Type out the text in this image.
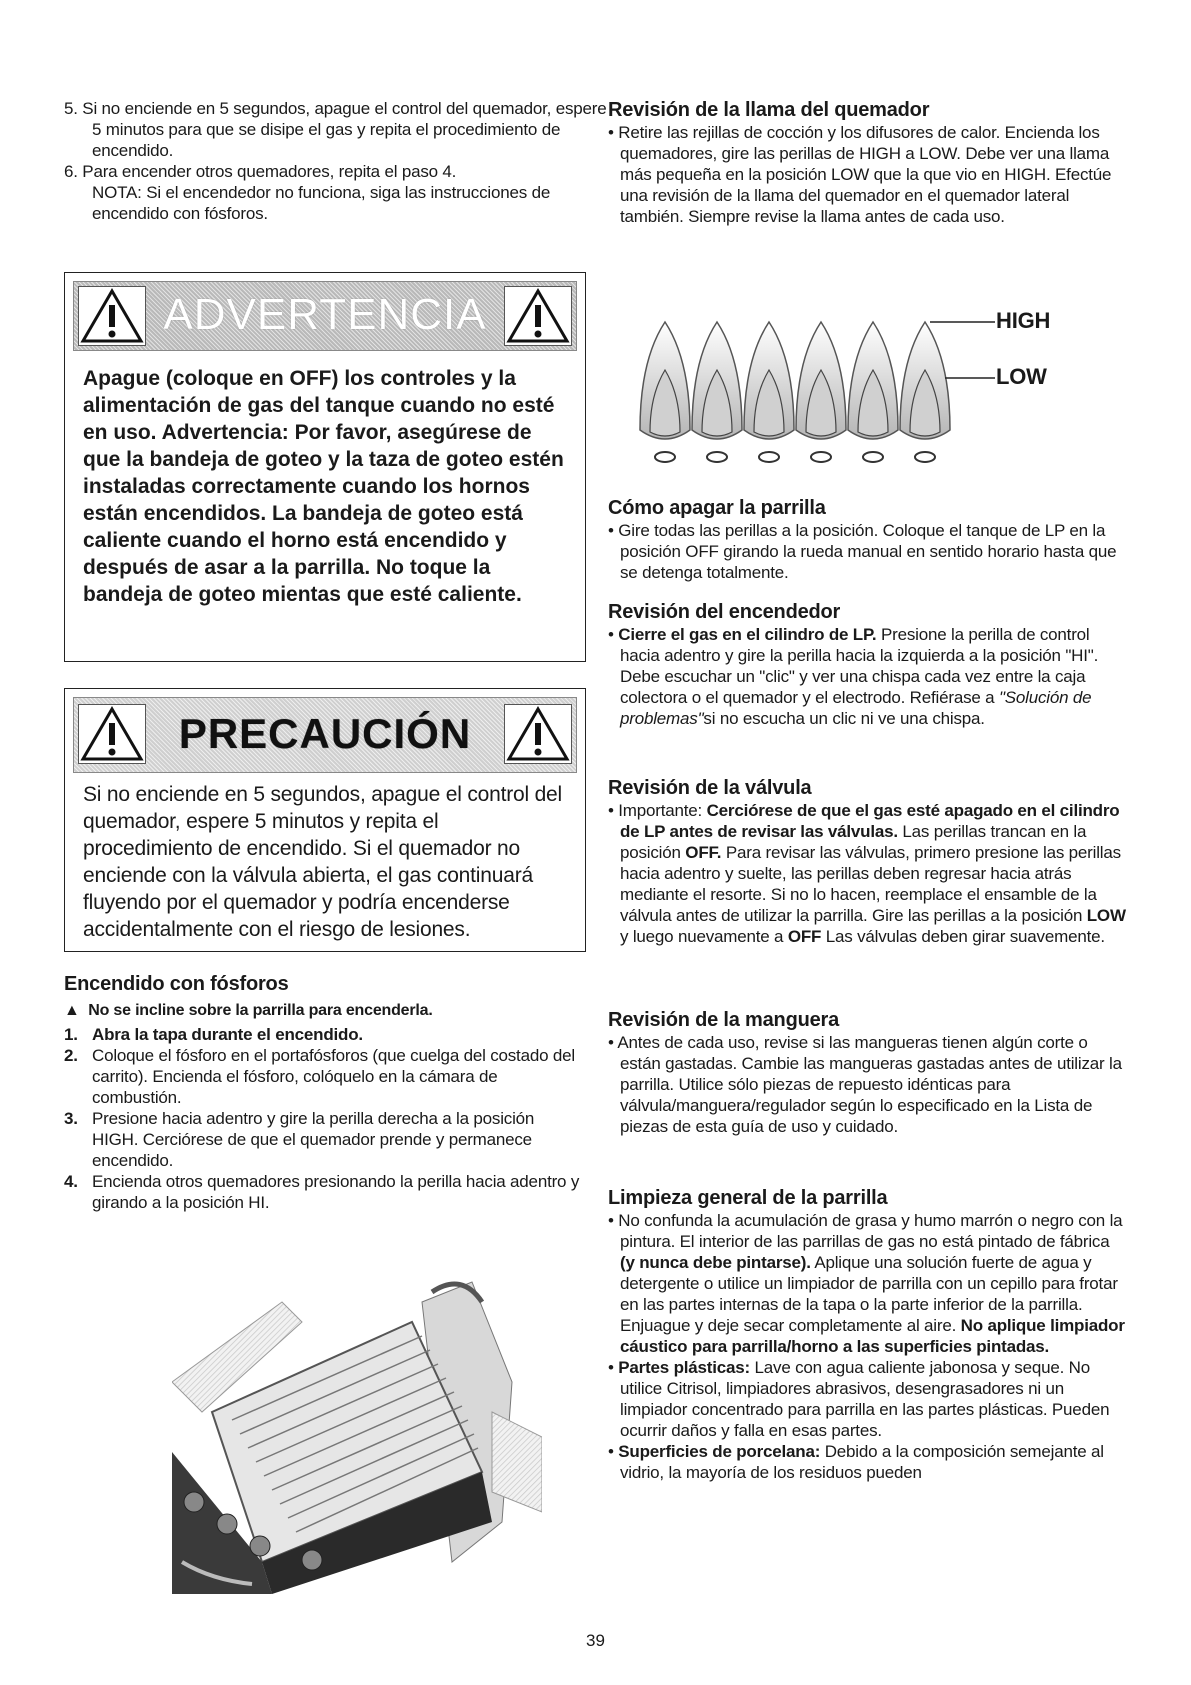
5. Si no enciende en 5 segundos, apague el control del quemador, espere 5 minutos para que se disipe el gas y repita el procedimiento de encendido.

6. Para encender otros quemadores, repita el paso 4.

NOTA: Si el encendedor no funciona, siga las instrucciones de encendido con fósforos.

ADVERTENCIA

Apague (coloque en OFF) los controles y la alimentación de gas del tanque cuando no esté en uso. Advertencia: Por favor, asegúrese de que la bandeja de goteo y la taza de goteo estén instaladas correctamente cuando los hornos están encendidos. La bandeja de goteo está caliente cuando el horno está encendido y después de asar a la parrilla. No toque la bandeja de goteo mientas que esté caliente.

PRECAUCIÓN

Si no enciende en 5 segundos, apague el control del quemador, espere 5 minutos y repita el procedimiento de encendido. Si el quemador no enciende con la válvula abierta, el gas continuará fluyendo por el quemador y podría encenderse accidentalmente con el riesgo de lesiones.

Encendido con fósforos

▲ No se incline sobre la parrilla para encenderla.

1. Abra la tapa durante el encendido.

2. Coloque el fósforo en el portafósforos (que cuelga del costado del carrito). Encienda el fósforo, colóquelo en la cámara de combustión.

3. Presione hacia adentro y gire la perilla derecha a la posición HIGH. Cerciórese de que el quemador prende y permanece encendido.

4. Encienda otros quemadores presionando la perilla hacia adentro y girando a la posición HI.

Revisión de la llama del quemador

• Retire las rejillas de cocción y los difusores de calor. Encienda los quemadores, gire las perillas de HIGH a LOW. Debe ver una llama más pequeña en la posición LOW que la que vio en HIGH. Efectúe una revisión de la llama del quemador en el quemador lateral también. Siempre revise la llama antes de cada uso.

HIGH
LOW

Cómo apagar la parrilla

• Gire todas las perillas a la posición. Coloque el tanque de LP en la posición OFF girando la rueda manual en sentido horario hasta que se detenga totalmente.

Revisión del encendedor

• Cierre el gas en el cilindro de LP. Presione la perilla de control hacia adentro y gire la perilla hacia la izquierda a la posición "HI". Debe escuchar un "clic" y ver una chispa cada vez entre la caja colectora o el quemador y el electrodo. Refiérase a "Solución de problemas"si no escucha un clic ni ve una chispa.

Revisión de la válvula

• Importante: Cerciórese de que el gas esté apagado en el cilindro de LP antes de revisar las válvulas. Las perillas trancan en la posición OFF. Para revisar las válvulas, primero presione las perillas hacia adentro y suelte, las perillas deben regresar hacia atrás mediante el resorte. Si no lo hacen, reemplace el ensamble de la válvula antes de utilizar la parrilla. Gire las perillas a la posición LOW y luego nuevamente a OFF Las válvulas deben girar suavemente.

Revisión de la manguera

• Antes de cada uso, revise si las mangueras tienen algún corte o están gastadas. Cambie las mangueras gastadas antes de utilizar la parrilla. Utilice sólo piezas de repuesto idénticas para válvula/manguera/regulador según lo especificado en la Lista de piezas de esta guía de uso y cuidado.

Limpieza general de la parrilla

• No confunda la acumulación de grasa y humo marrón o negro con la pintura. El interior de las parrillas de gas no está pintado de fábrica (y nunca debe pintarse). Aplique una solución fuerte de agua y detergente o utilice un limpiador de parrilla con un cepillo para frotar en las partes internas de la tapa o la parte inferior de la parrilla. Enjuague y deje secar completamente al aire. No aplique limpiador cáustico para parrilla/horno a las superficies pintadas.

• Partes plásticas: Lave con agua caliente jabonosa y seque. No utilice Citrisol, limpiadores abrasivos, desengrasadores ni un limpiador concentrado para parrilla en las partes plásticas. Pueden ocurrir daños y falla en esas partes.

• Superficies de porcelana: Debido a la composición semejante al vidrio, la mayoría de los residuos pueden

39
